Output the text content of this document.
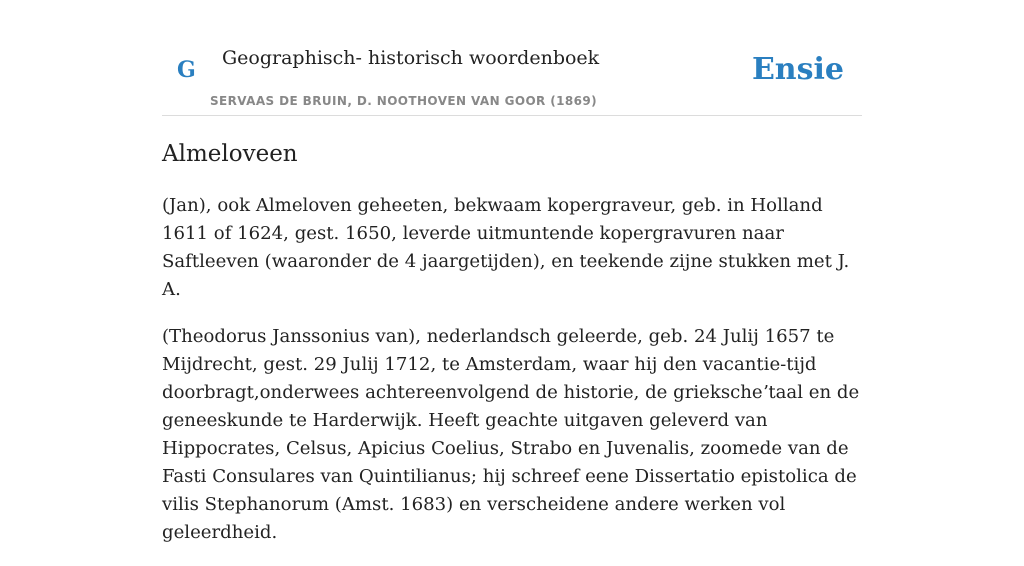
G Geographisch- historisch woordenboek
SERVAAS DE BRUIN, D. NOOTHOVEN VAN GOOR (1869)
Ensie
Almeloveen

(Jan), ook Almeloven geheeten, bekwaam kopergraveur, geb. in Holland 1611 of 1624, gest. 1650, leverde uitmuntende kopergravuren naar Saftleeven (waaronder de 4 jaargetijden), en teekende zijne stukken met J. A.

(Theodorus Janssonius van), nederlandsch geleerde, geb. 24 Julij 1657 te Mijdrecht, gest. 29 Julij 1712, te Amsterdam, waar hij den vacantie-tijd doorbragt,onderwees achtereenvolgend de historie, de griekscheʼtaal en de geneeskunde te Harderwijk. Heeft geachte uitgaven geleverd van Hippocrates, Celsus, Apicius Coelius, Strabo en Juvenalis, zoomede van de Fasti Consulares van Quintilianus; hij schreef eene Dissertatio epistolica de vilis Stephanorum (Amst. 1683) en verscheidene andere werken vol geleerdheid.
